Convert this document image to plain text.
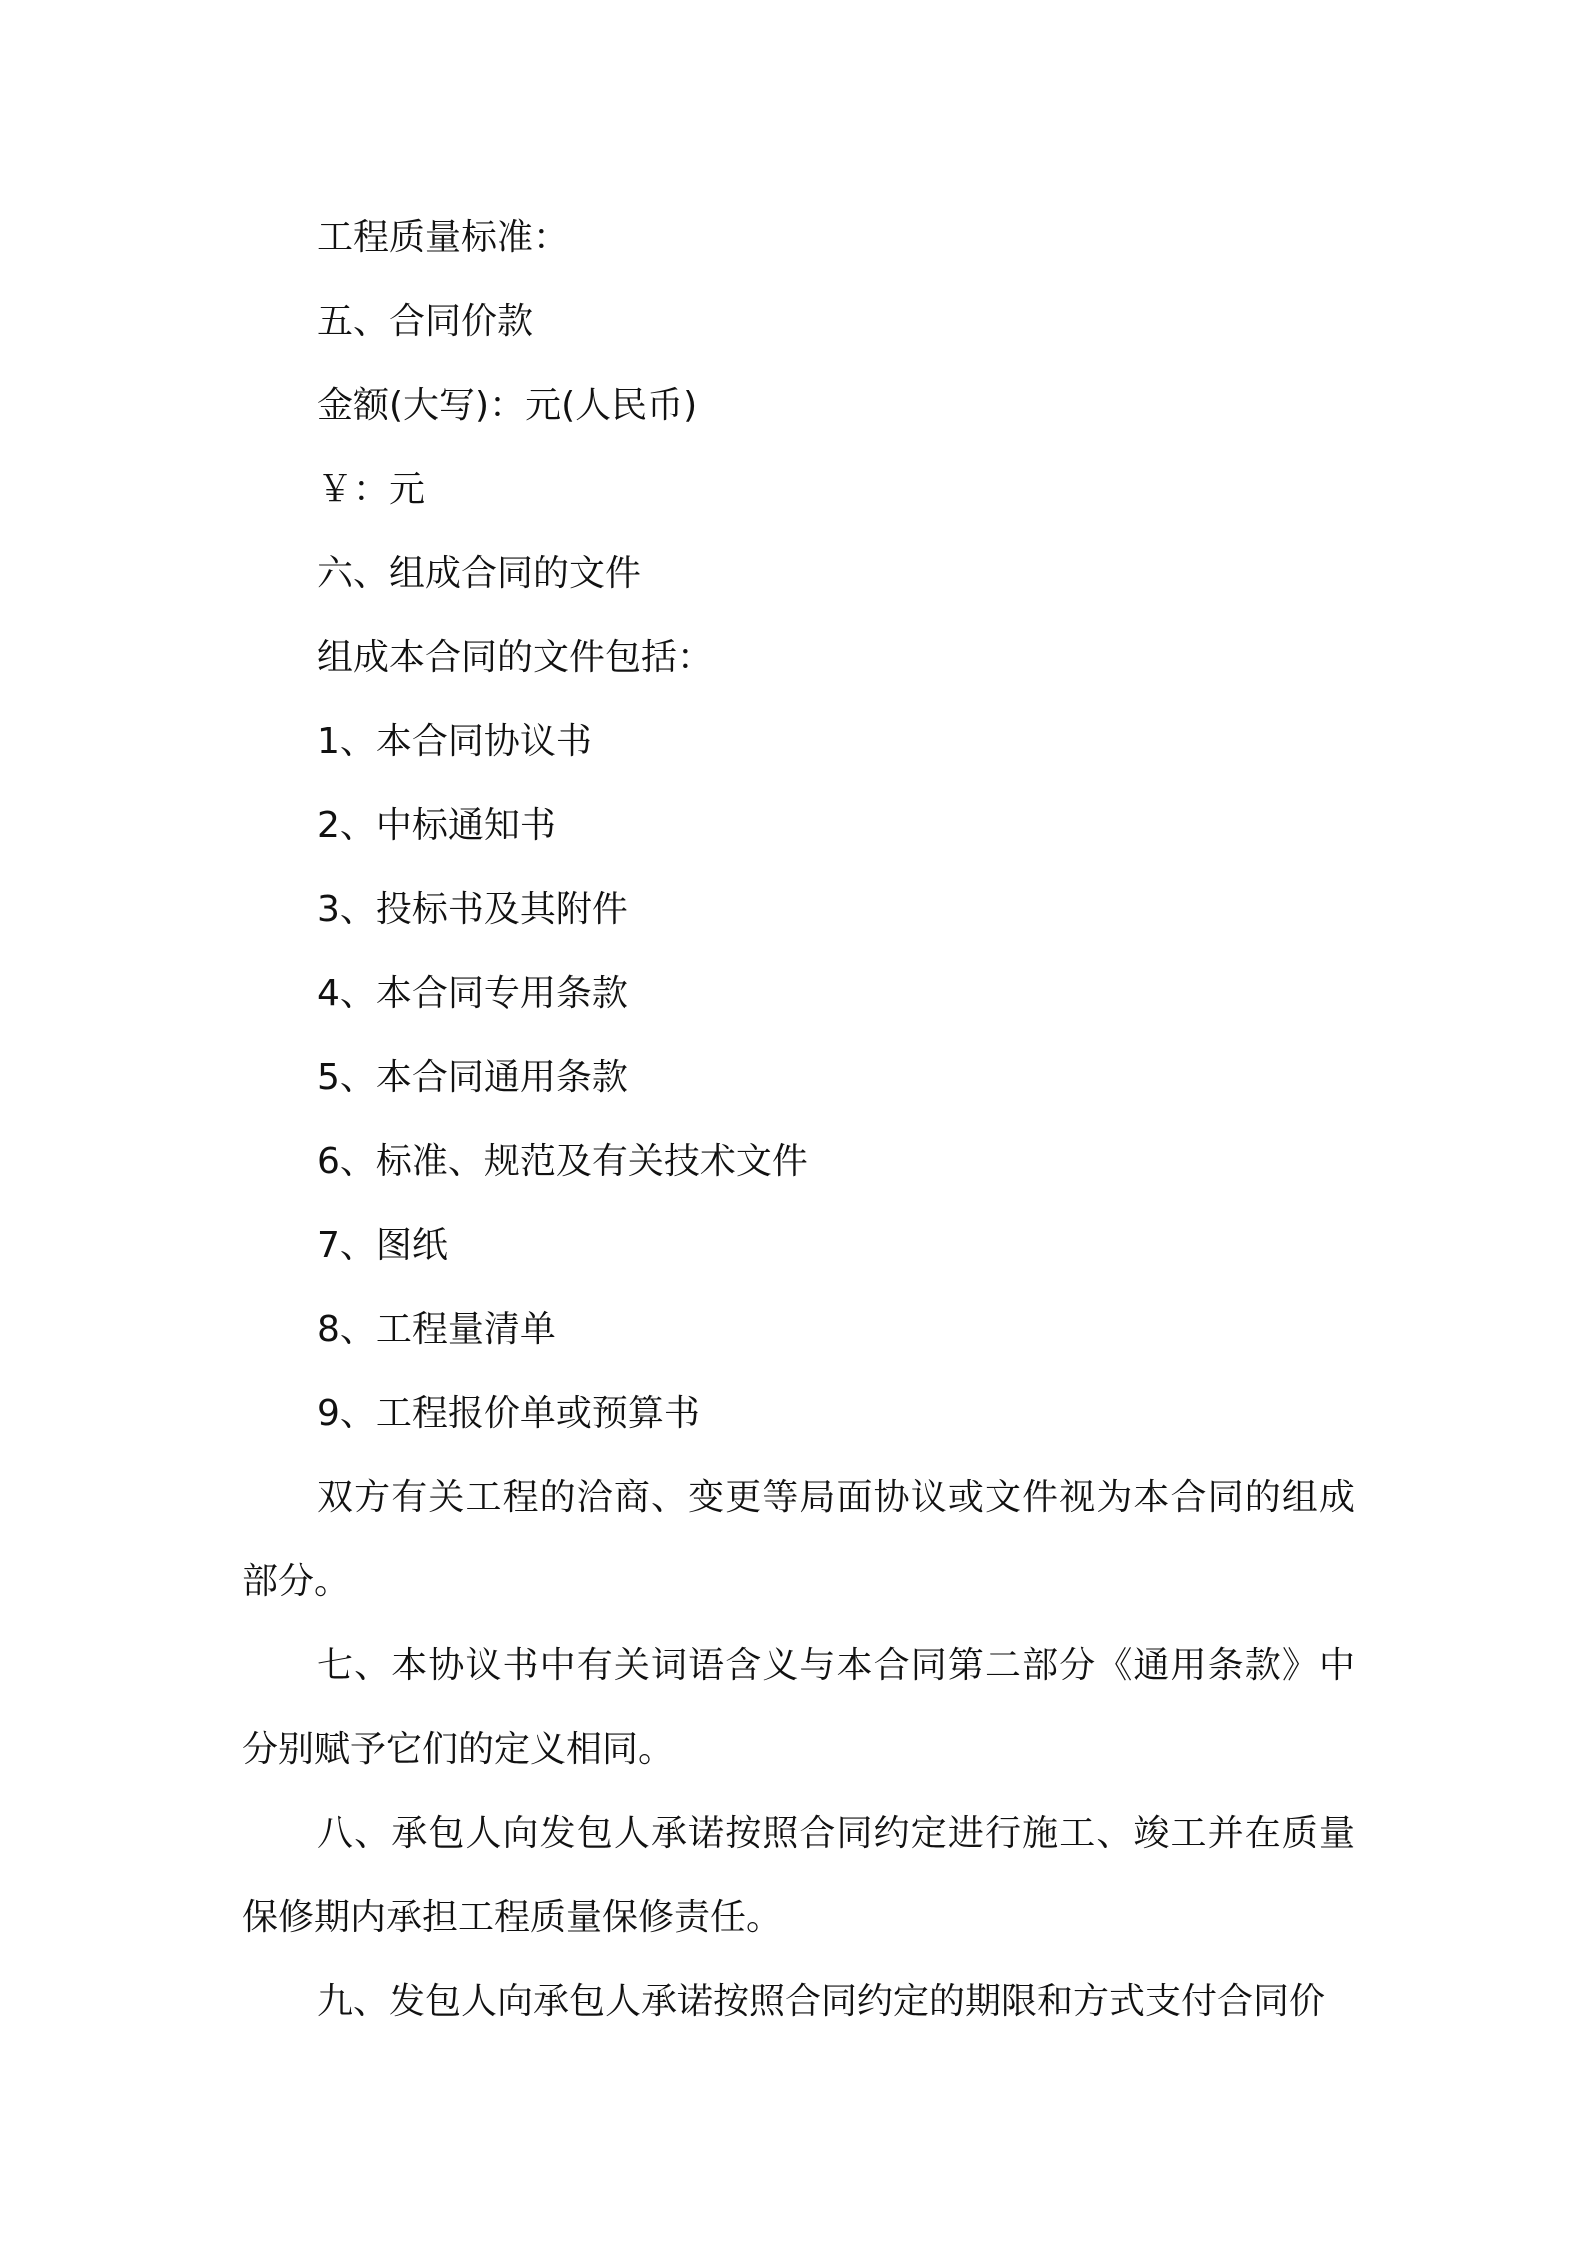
工程质量标准：

五、合同价款

金额(大写)：元(人民币)

￥：元

六、组成合同的文件

组成本合同的文件包括：

1、本合同协议书

2、中标通知书

3、投标书及其附件

4、本合同专用条款

5、本合同通用条款

6、标准、规范及有关技术文件

7、图纸

8、工程量清单

9、工程报价单或预算书

双方有关工程的洽商、变更等局面协议或文件视为本合同的组成部分。

七、本协议书中有关词语含义与本合同第二部分《通用条款》中分别赋予它们的定义相同。

八、承包人向发包人承诺按照合同约定进行施工、竣工并在质量保修期内承担工程质量保修责任。

九、发包人向承包人承诺按照合同约定的期限和方式支付合同价
